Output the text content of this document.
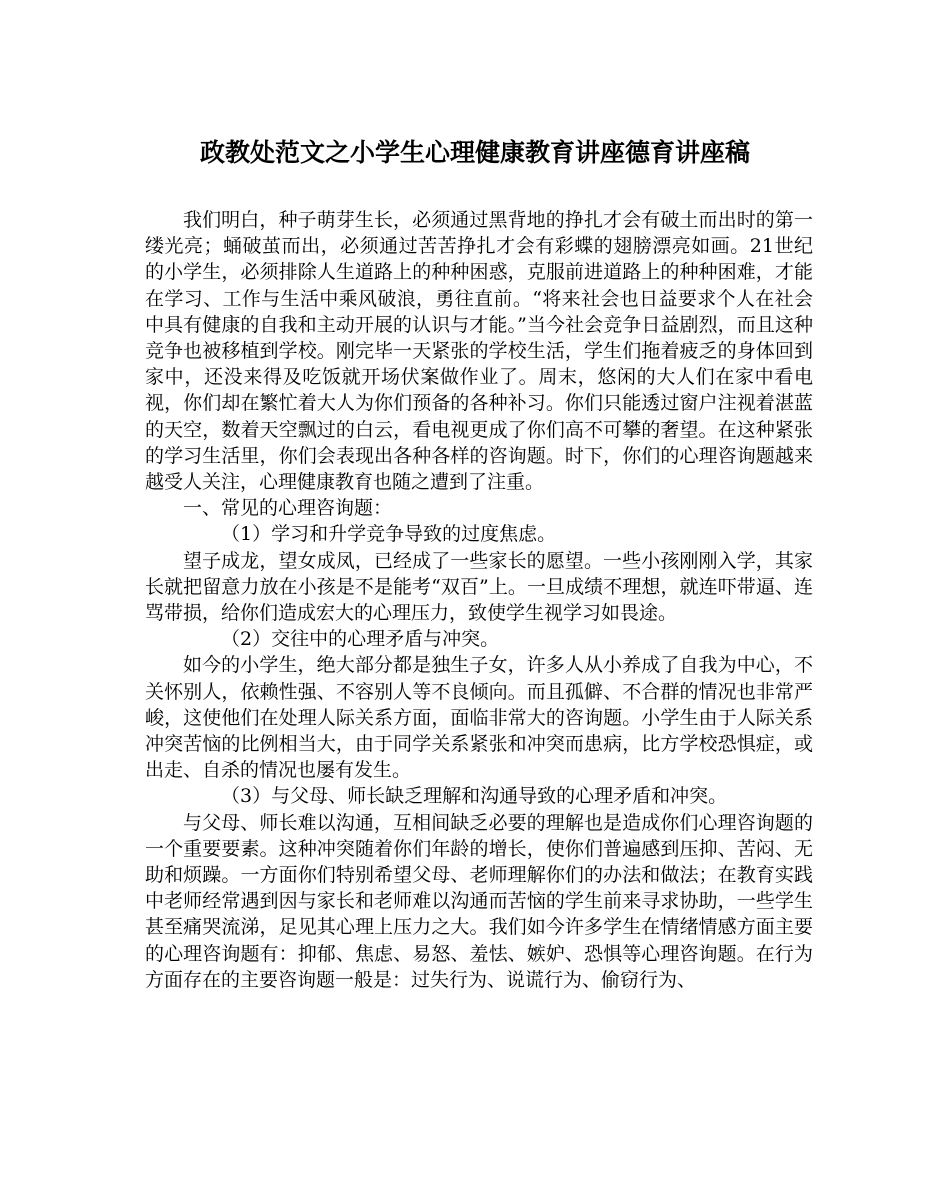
政教处范文之小学生心理健康教育讲座德育讲座稿

我们明白，种子萌芽生长，必须通过黑背地的挣扎才会有破土而出时的第一缕光亮；蛹破茧而出，必须通过苦苦挣扎才会有彩蝶的翅膀漂亮如画。21世纪的小学生，必须排除人生道路上的种种困惑，克服前进道路上的种种困难，才能在学习、工作与生活中乘风破浪，勇往直前。“将来社会也日益要求个人在社会中具有健康的自我和主动开展的认识与才能。”当今社会竞争日益剧烈，而且这种竞争也被移植到学校。刚完毕一天紧张的学校生活，学生们拖着疲乏的身体回到家中，还没来得及吃饭就开场伏案做作业了。周末，悠闲的大人们在家中看电视，你们却在繁忙着大人为你们预备的各种补习。你们只能透过窗户注视着湛蓝的天空，数着天空飘过的白云，看电视更成了你们高不可攀的奢望。在这种紧张的学习生活里，你们会表现出各种各样的咨询题。时下，你们的心理咨询题越来越受人关注，心理健康教育也随之遭到了注重。

一、常见的心理咨询题：

（1）学习和升学竞争导致的过度焦虑。

望子成龙，望女成凤，已经成了一些家长的愿望。一些小孩刚刚入学，其家长就把留意力放在小孩是不是能考“双百”上。一旦成绩不理想，就连吓带逼、连骂带损，给你们造成宏大的心理压力，致使学生视学习如畏途。

（2）交往中的心理矛盾与冲突。

如今的小学生，绝大部分都是独生子女，许多人从小养成了自我为中心，不关怀别人，依赖性强、不容别人等不良倾向。而且孤僻、不合群的情况也非常严峻，这使他们在处理人际关系方面，面临非常大的咨询题。小学生由于人际关系冲突苦恼的比例相当大，由于同学关系紧张和冲突而患病，比方学校恐惧症，或出走、自杀的情况也屡有发生。

（3）与父母、师长缺乏理解和沟通导致的心理矛盾和冲突。

与父母、师长难以沟通，互相间缺乏必要的理解也是造成你们心理咨询题的一个重要要素。这种冲突随着你们年龄的增长，使你们普遍感到压抑、苦闷、无助和烦躁。一方面你们特别希望父母、老师理解你们的办法和做法；在教育实践中老师经常遇到因与家长和老师难以沟通而苦恼的学生前来寻求协助，一些学生甚至痛哭流涕，足见其心理上压力之大。我们如今许多学生在情绪情感方面主要的心理咨询题有：抑郁、焦虑、易怒、羞怯、嫉妒、恐惧等心理咨询题。在行为方面存在的主要咨询题一般是：过失行为、说谎行为、偷窃行为、
